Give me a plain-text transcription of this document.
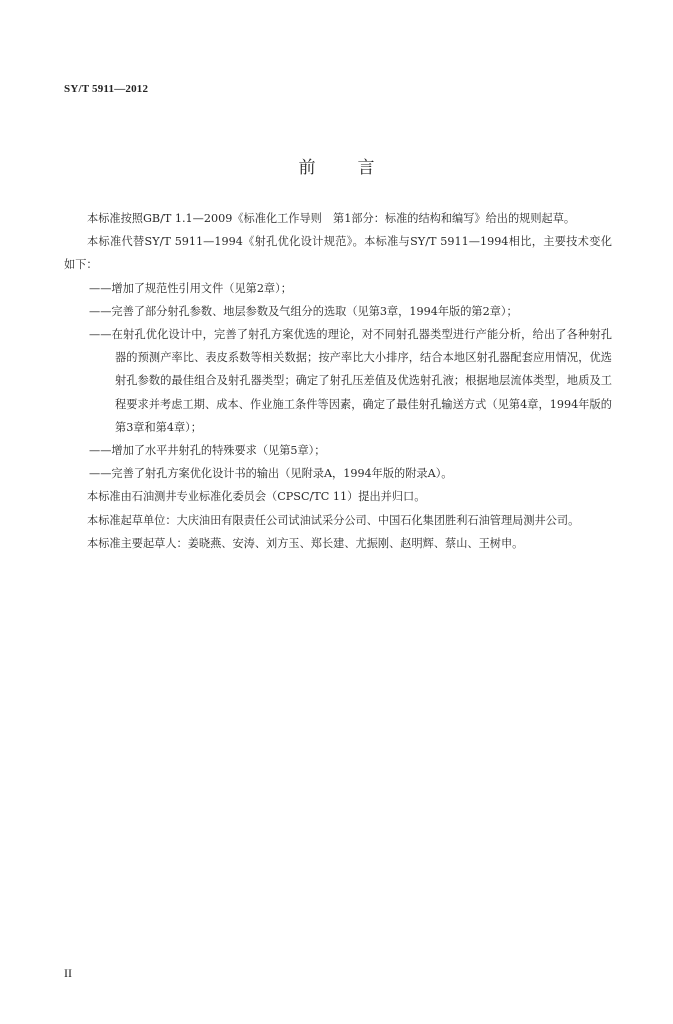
SY/T 5911—2012
前言

本标准按照GB/T 1.1—2009《标准化工作导则　第1部分：标准的结构和编写》给出的规则起草。

本标准代替SY/T 5911—1994《射孔优化设计规范》。本标准与SY/T 5911—1994相比，主要技术变化如下：

——增加了规范性引用文件（见第2章）；

——完善了部分射孔参数、地层参数及气组分的选取（见第3章，1994年版的第2章）；

——在射孔优化设计中，完善了射孔方案优选的理论，对不同射孔器类型进行产能分析，给出了各种射孔器的预测产率比、表皮系数等相关数据；按产率比大小排序，结合本地区射孔器配套应用情况，优选射孔参数的最佳组合及射孔器类型；确定了射孔压差值及优选射孔液；根据地层流体类型，地质及工程要求并考虑工期、成本、作业施工条件等因素，确定了最佳射孔输送方式（见第4章，1994年版的第3章和第4章）；

——增加了水平井射孔的特殊要求（见第5章）；

——完善了射孔方案优化设计书的输出（见附录A，1994年版的附录A）。

本标准由石油测井专业标准化委员会（CPSC/TC 11）提出并归口。

本标准起草单位：大庆油田有限责任公司试油试采分公司、中国石化集团胜利石油管理局测井公司。

本标准主要起草人：姜晓燕、安涛、刘方玉、郑长建、尤振刚、赵明辉、蔡山、王树申。

II
